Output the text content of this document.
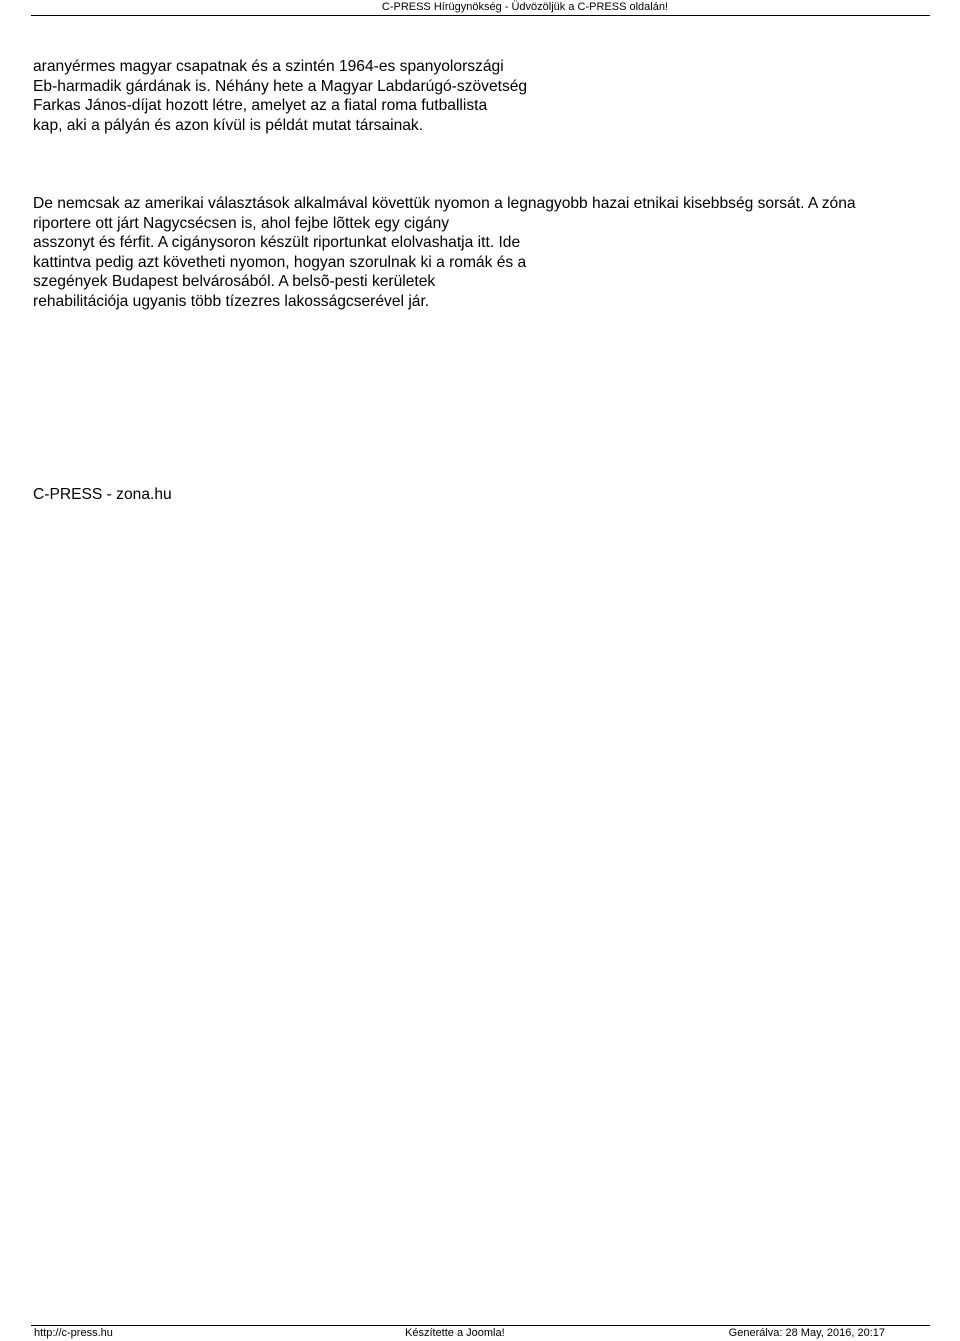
C-PRESS Hírügynökség - Üdvözöljük a C-PRESS oldalán!

aranyérmes magyar csapatnak és a szintén 1964-es spanyolországi
Eb-harmadik gárdának is. Néhány hete a Magyar Labdarúgó-szövetség
Farkas János-díjat hozott létre, amelyet az a fiatal roma futballista
kap, aki a pályán és azon kívül is példát mutat társainak.

De nemcsak az amerikai választások alkalmával követtük nyomon a legnagyobb hazai etnikai kisebbség sorsát. A zóna
riportere ott járt Nagycsécsen is, ahol fejbe lõttek egy cigány
asszonyt és férfit. A cigánysoron készült riportunkat elolvashatja itt. Ide
kattintva pedig azt követheti nyomon, hogyan szorulnak ki a romák és a
szegények Budapest belvárosából. A belsõ-pesti kerületek
rehabilitációja ugyanis több tízezres lakosságcserével jár.

C-PRESS - zona.hu
http://c-press.hu	Készítette a Joomla!	Generálva: 28 May, 2016, 20:17
